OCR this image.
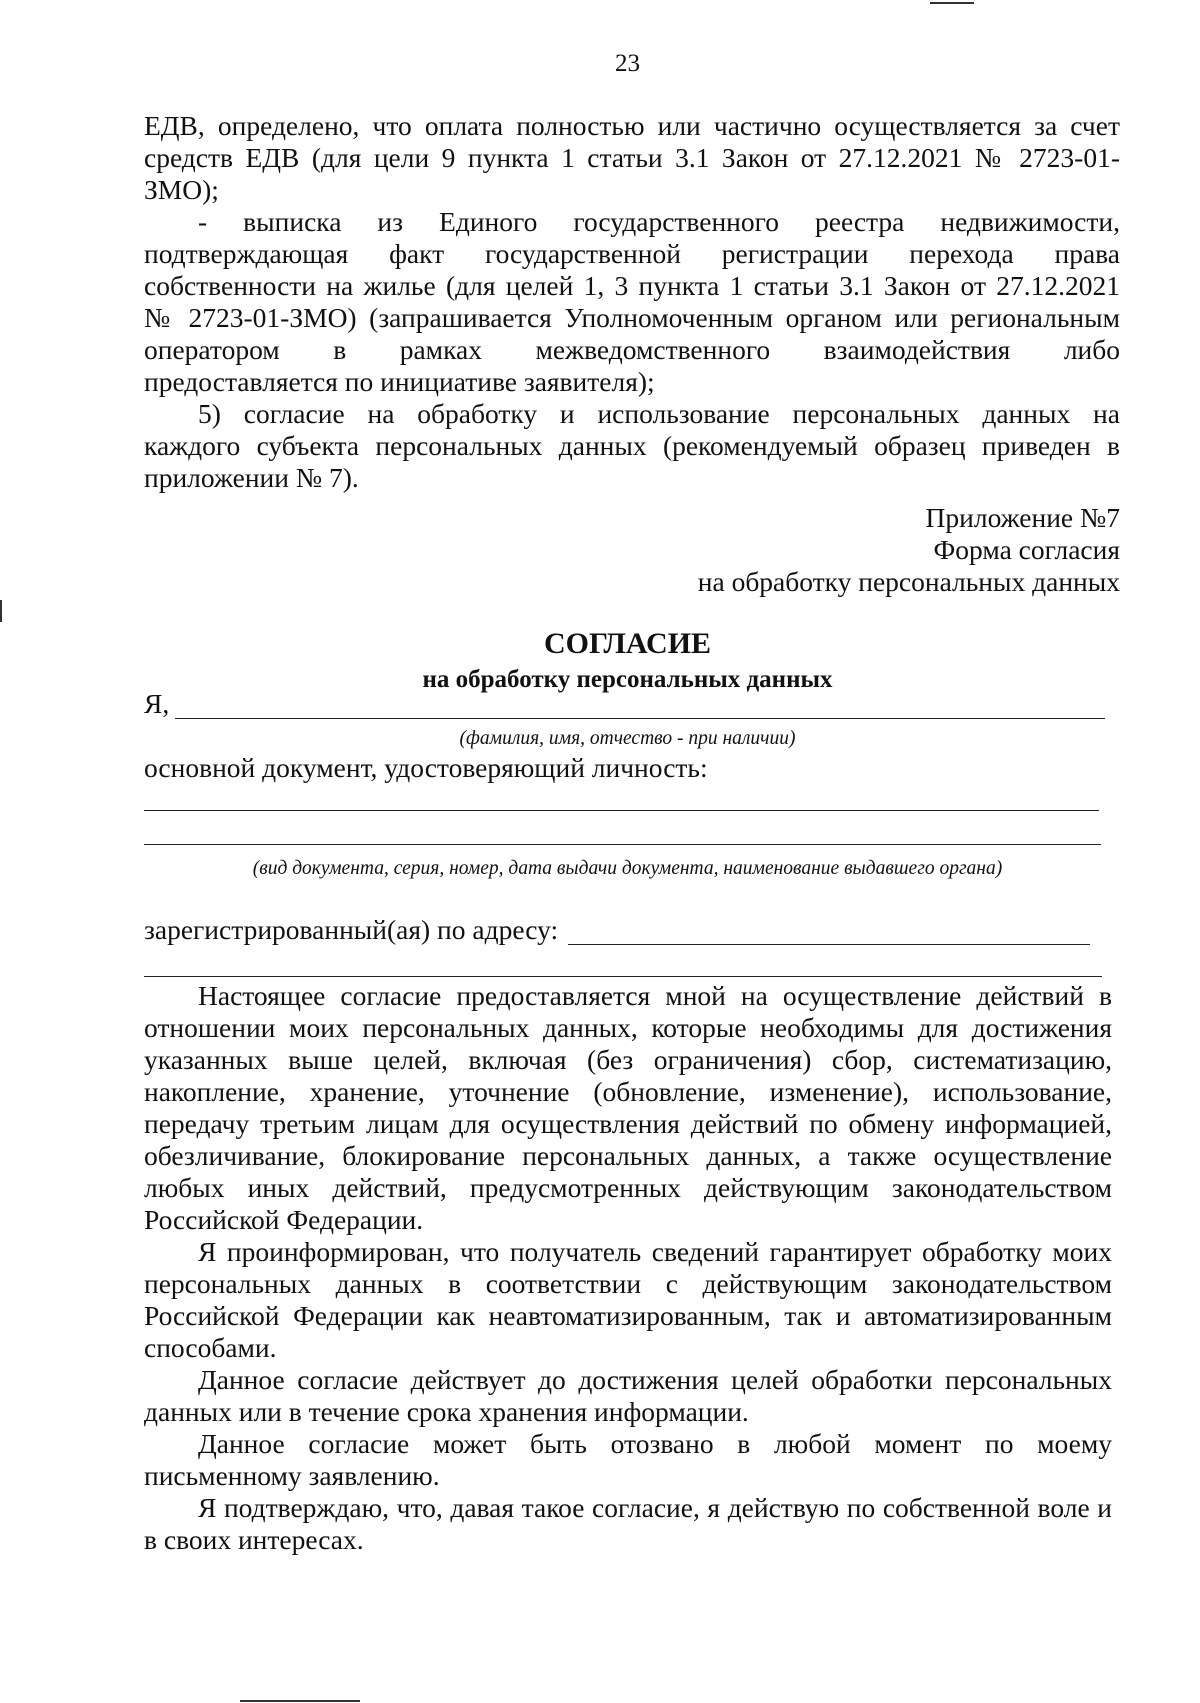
23

ЕДВ, определено, что оплата полностью или частично осуществляется за счет

средств ЕДВ (для цели 9 пункта 1 статьи 3.1 Закон от 27.12.2021 № 2723-01-

ЗМО);

- выписка из Единого государственного реестра недвижимости,

подтверждающая факт государственной регистрации перехода права

собственности на жилье (для целей 1, 3 пункта 1 статьи 3.1 Закон от 27.12.2021

№ 2723-01-ЗМО) (запрашивается Уполномоченным органом или региональным

оператором в рамках межведомственного взаимодействия либо

предоставляется по инициативе заявителя);

5) согласие на обработку и использование персональных данных на

каждого субъекта персональных данных (рекомендуемый образец приведен в

приложении № 7).

Приложение №7

Форма согласия

на обработку персональных данных

СОГЛАСИЕ
на обработку персональных данных
Я,
(фамилия, имя, отчество - при наличии)
основной документ, удостоверяющий личность:
(вид документа, серия, номер, дата выдачи документа, наименование выдавшего органа)
зарегистрированный(ая) по адресу:

Настоящее согласие предоставляется мной на осуществление действий в отношении моих персональных данных, которые необходимы для достижения указанных выше целей, включая (без ограничения) сбор, систематизацию, накопление, хранение, уточнение (обновление, изменение), использование, передачу третьим лицам для осуществления действий по обмену информацией, обезличивание, блокирование персональных данных, а также осуществление любых иных действий, предусмотренных действующим законодательством Российской Федерации.

Я проинформирован, что получатель сведений гарантирует обработку моих персональных данных в соответствии с действующим законодательством Российской Федерации как неавтоматизированным, так и автоматизированным способами.

Данное согласие действует до достижения целей обработки персональных данных или в течение срока хранения информации.

Данное согласие может быть отозвано в любой момент по моему письменному заявлению.

Я подтверждаю, что, давая такое согласие, я действую по собственной воле и в своих интересах.
